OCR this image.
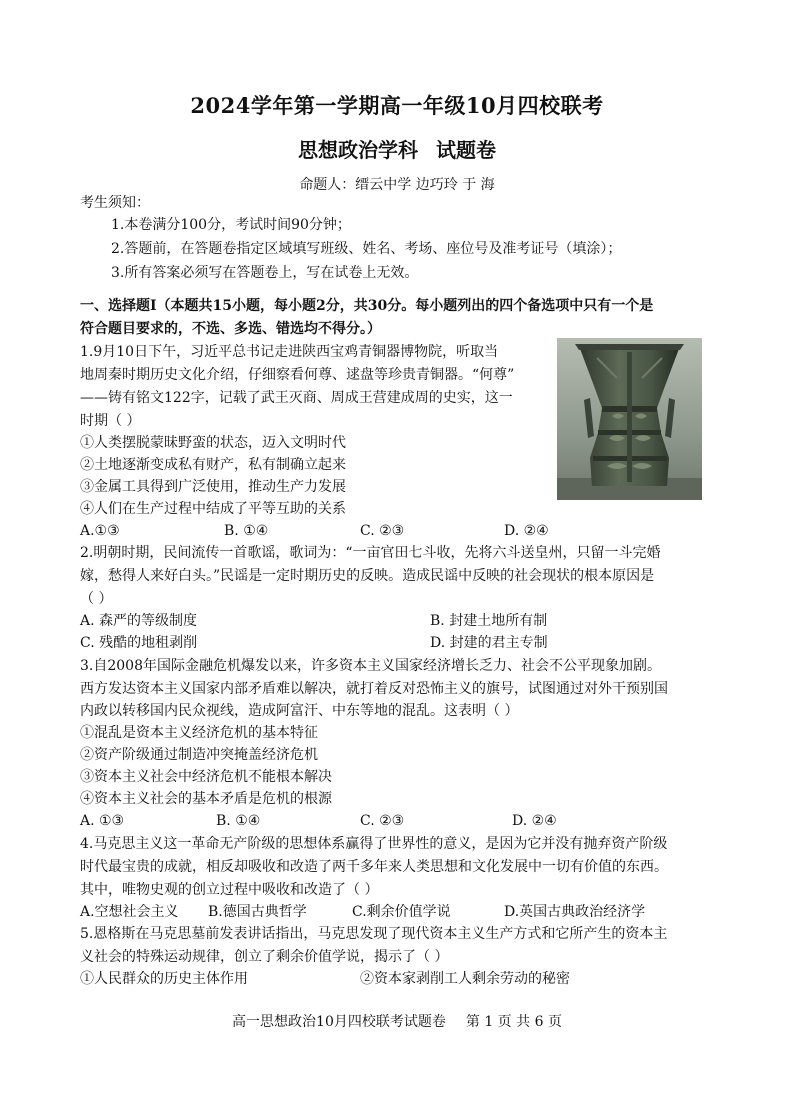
2024学年第一学期高一年级10月四校联考
思想政治学科 试题卷
命题人：缙云中学 边巧玲 于 海
考生须知：
1.本卷满分100分，考试时间90分钟；
2.答题前，在答题卷指定区域填写班级、姓名、考场、座位号及准考证号（填涂）；
3.所有答案必须写在答题卷上，写在试卷上无效。
一、选择题Ⅰ（本题共15小题，每小题2分，共30分。每小题列出的四个备选项中只有一个是
符合题目要求的，不选、多选、错选均不得分。）
1.9月10日下午，习近平总书记走进陕西宝鸡青铜器博物院，听取当
地周秦时期历史文化介绍，仔细察看何尊、逑盘等珍贵青铜器。“何尊”
——铸有铭文122字，记载了武王灭商、周成王营建成周的史实，这一
时期（ ）
①人类摆脱蒙昧野蛮的状态，迈入文明时代
②土地逐渐变成私有财产，私有制确立起来
③金属工具得到广泛使用，推动生产力发展
④人们在生产过程中结成了平等互助的关系
A.①③	B. ①④	C. ②③	D. ②④
2.明朝时期，民间流传一首歌谣，歌词为：“一亩官田七斗收，先将六斗送皇州，只留一斗完婚
嫁，愁得人来好白头。”民谣是一定时期历史的反映。造成民谣中反映的社会现状的根本原因是
（ ）
A. 森严的等级制度	B. 封建土地所有制
C. 残酷的地租剥削	D. 封建的君主专制
3.自2008年国际金融危机爆发以来，许多资本主义国家经济增长乏力、社会不公平现象加剧。
西方发达资本主义国家内部矛盾难以解决，就打着反对恐怖主义的旗号，试图通过对外干预别国
内政以转移国内民众视线，造成阿富汗、中东等地的混乱。这表明（ ）
①混乱是资本主义经济危机的基本特征
②资产阶级通过制造冲突掩盖经济危机
③资本主义社会中经济危机不能根本解决
④资本主义社会的基本矛盾是危机的根源
A. ①③	B. ①④	C. ②③	D. ②④
4.马克思主义这一革命无产阶级的思想体系赢得了世界性的意义，是因为它并没有抛弃资产阶级
时代最宝贵的成就，相反却吸收和改造了两千多年来人类思想和文化发展中一切有价值的东西。
其中，唯物史观的创立过程中吸收和改造了（ ）
A.空想社会主义 B.德国古典哲学	C.剩余价值学说	D.英国古典政治经济学
5.恩格斯在马克思墓前发表讲话指出，马克思发现了现代资本主义生产方式和它所产生的资本主
义社会的特殊运动规律，创立了剩余价值学说，揭示了（ ）
①人民群众的历史主体作用	②资本家剥削工人剩余劳动的秘密
高一思想政治10月四校联考试题卷 第 1 页 共 6 页
